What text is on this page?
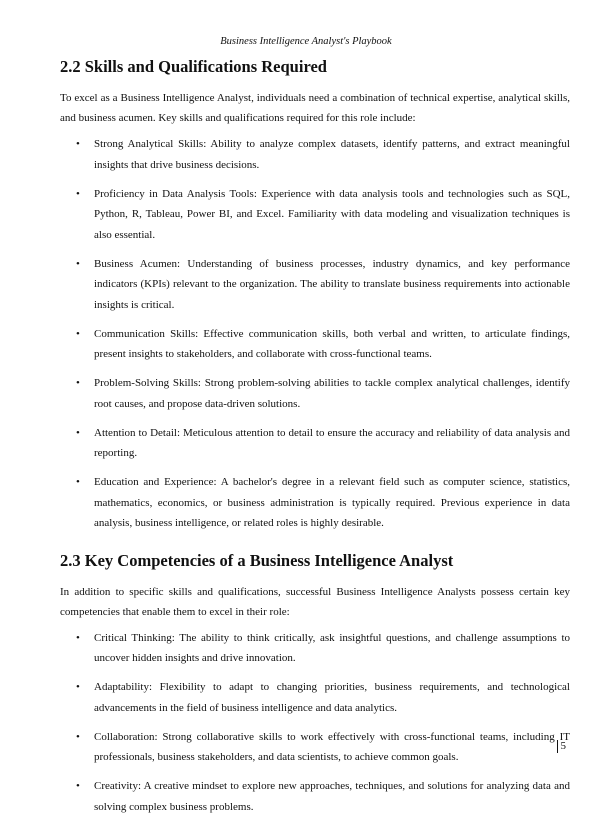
Business Intelligence Analyst's Playbook
2.2 Skills and Qualifications Required

To excel as a Business Intelligence Analyst, individuals need a combination of technical expertise, analytical skills, and business acumen. Key skills and qualifications required for this role include:

• Strong Analytical Skills: Ability to analyze complex datasets, identify patterns, and extract meaningful insights that drive business decisions.
• Proficiency in Data Analysis Tools: Experience with data analysis tools and technologies such as SQL, Python, R, Tableau, Power BI, and Excel. Familiarity with data modeling and visualization techniques is also essential.
• Business Acumen: Understanding of business processes, industry dynamics, and key performance indicators (KPIs) relevant to the organization. The ability to translate business requirements into actionable insights is critical.
• Communication Skills: Effective communication skills, both verbal and written, to articulate findings, present insights to stakeholders, and collaborate with cross-functional teams.
• Problem-Solving Skills: Strong problem-solving abilities to tackle complex analytical challenges, identify root causes, and propose data-driven solutions.
• Attention to Detail: Meticulous attention to detail to ensure the accuracy and reliability of data analysis and reporting.
• Education and Experience: A bachelor's degree in a relevant field such as computer science, statistics, mathematics, economics, or business administration is typically required. Previous experience in data analysis, business intelligence, or related roles is highly desirable.
2.3 Key Competencies of a Business Intelligence Analyst

In addition to specific skills and qualifications, successful Business Intelligence Analysts possess certain key competencies that enable them to excel in their role:

• Critical Thinking: The ability to think critically, ask insightful questions, and challenge assumptions to uncover hidden insights and drive innovation.
• Adaptability: Flexibility to adapt to changing priorities, business requirements, and technological advancements in the field of business intelligence and data analytics.
• Collaboration: Strong collaborative skills to work effectively with cross-functional teams, including IT professionals, business stakeholders, and data scientists, to achieve common goals.
• Creativity: A creative mindset to explore new approaches, techniques, and solutions for analyzing data and solving complex business problems.
5
